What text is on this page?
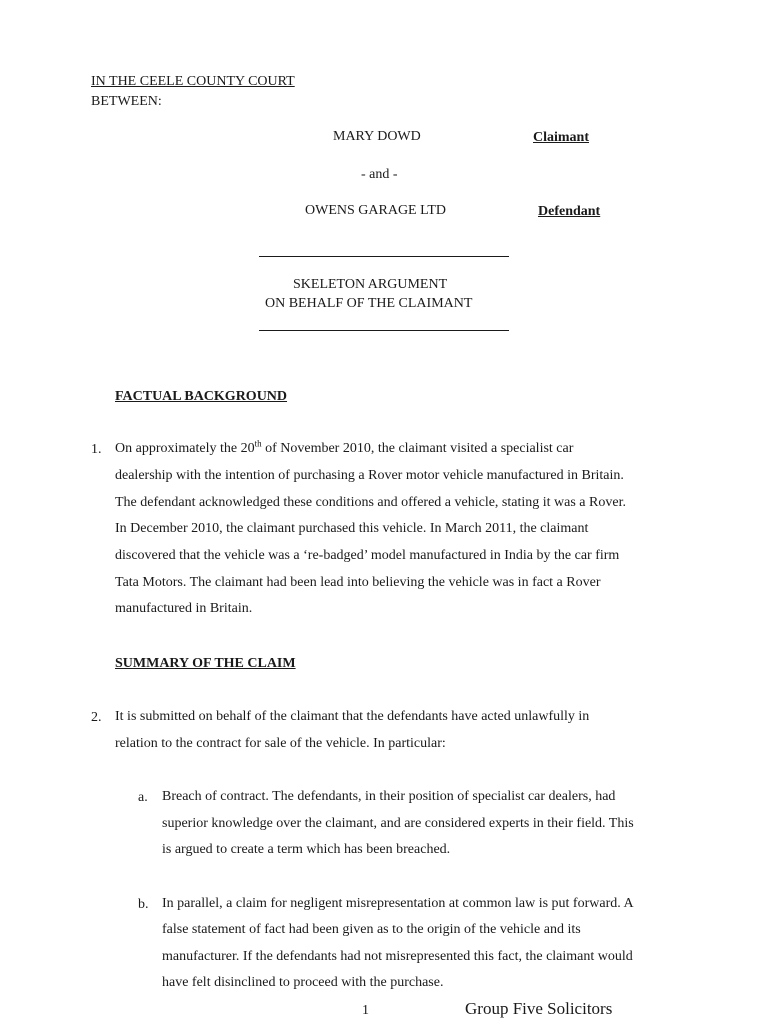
IN THE CEELE COUNTY COURT
BETWEEN:
MARY DOWD	Claimant
- and -
OWENS GARAGE LTD	Defendant
SKELETON ARGUMENT
ON BEHALF OF THE CLAIMANT
FACTUAL BACKGROUND
1. On approximately the 20th of November 2010, the claimant visited a specialist car
dealership with the intention of purchasing a Rover motor vehicle manufactured in Britain.
The defendant acknowledged these conditions and offered a vehicle, stating it was a Rover.
In December 2010, the claimant purchased this vehicle. In March 2011, the claimant
discovered that the vehicle was a ‘re-badged’ model manufactured in India by the car firm
Tata Motors. The claimant had been lead into believing the vehicle was in fact a Rover
manufactured in Britain.
SUMMARY OF THE CLAIM
2. It is submitted on behalf of the claimant that the defendants have acted unlawfully in
relation to the contract for sale of the vehicle. In particular:
a. Breach of contract. The defendants, in their position of specialist car dealers, had
superior knowledge over the claimant, and are considered experts in their field. This
is argued to create a term which has been breached.
b. In parallel, a claim for negligent misrepresentation at common law is put forward. A
false statement of fact had been given as to the origin of the vehicle and its
manufacturer. If the defendants had not misrepresented this fact, the claimant would
have felt disinclined to proceed with the purchase.
1	Group Five Solicitors
